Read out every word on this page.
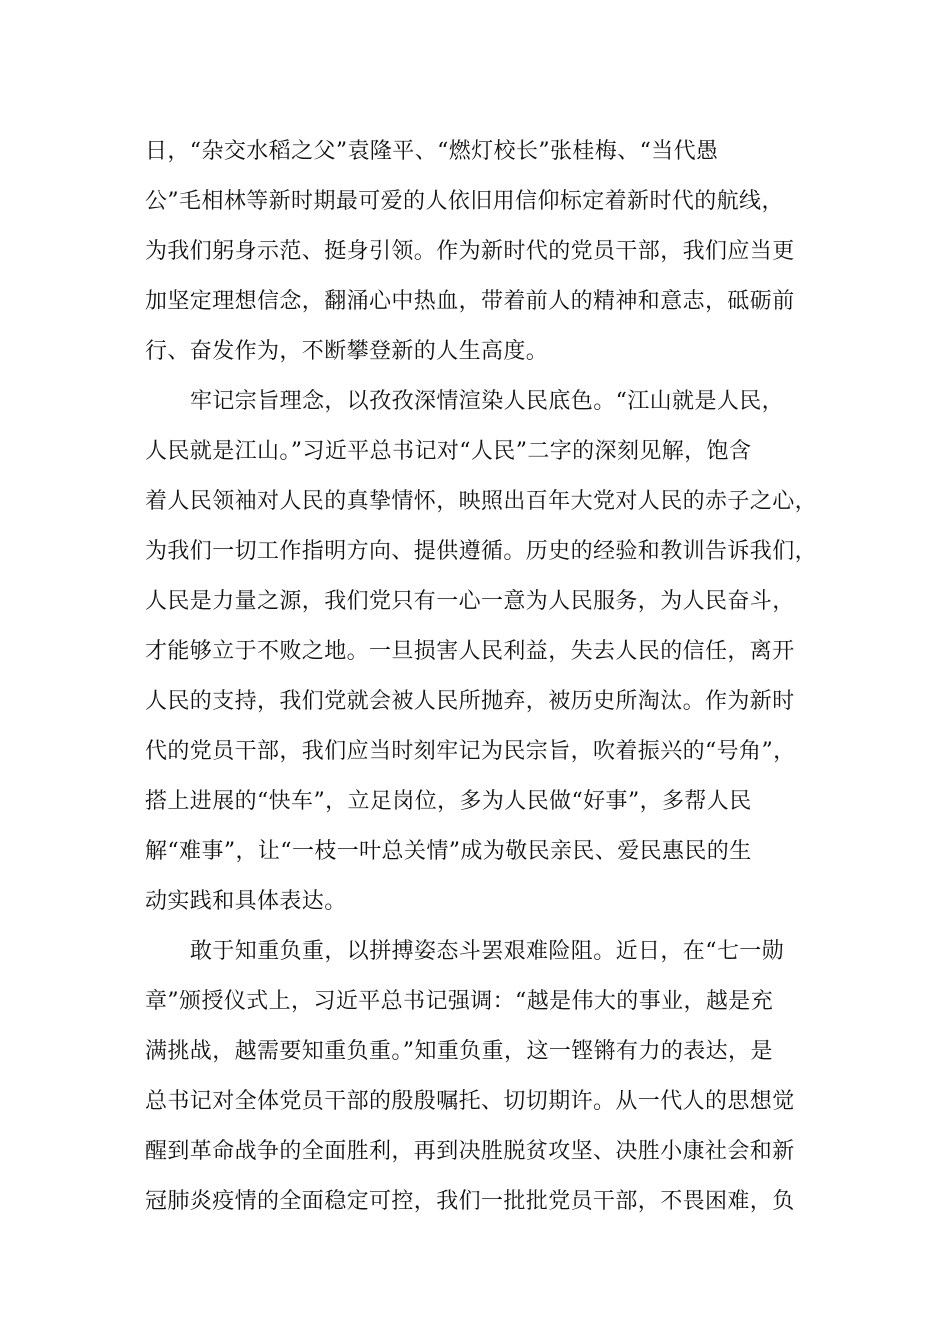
日，“杂交水稻之父”袁隆平、“燃灯校长”张桂梅、“当代愚
公”毛相林等新时期最可爱的人依旧用信仰标定着新时代的航线，
为我们躬身示范、挺身引领。作为新时代的党员干部，我们应当更
加坚定理想信念，翻涌心中热血，带着前人的精神和意志，砥砺前
行、奋发作为，不断攀登新的人生高度。
牢记宗旨理念，以孜孜深情渲染人民底色。“江山就是人民，
人民就是江山。”习近平总书记对“人民”二字的深刻见解，饱含
着人民领袖对人民的真挚情怀，映照出百年大党对人民的赤子之心，
为我们一切工作指明方向、提供遵循。历史的经验和教训告诉我们，
人民是力量之源，我们党只有一心一意为人民服务，为人民奋斗，
才能够立于不败之地。一旦损害人民利益，失去人民的信任，离开
人民的支持，我们党就会被人民所抛弃，被历史所淘汰。作为新时
代的党员干部，我们应当时刻牢记为民宗旨，吹着振兴的“号角”，
搭上进展的“快车”，立足岗位，多为人民做“好事”，多帮人民
解“难事”，让“一枝一叶总关情”成为敬民亲民、爱民惠民的生
动实践和具体表达。
敢于知重负重，以拼搏姿态斗罢艰难险阻。近日，在“七一勋
章”颁授仪式上，习近平总书记强调：“越是伟大的事业，越是充
满挑战，越需要知重负重。”知重负重，这一铿锵有力的表达，是
总书记对全体党员干部的殷殷嘱托、切切期许。从一代人的思想觉
醒到革命战争的全面胜利，再到决胜脱贫攻坚、决胜小康社会和新
冠肺炎疫情的全面稳定可控，我们一批批党员干部，不畏困难，负
